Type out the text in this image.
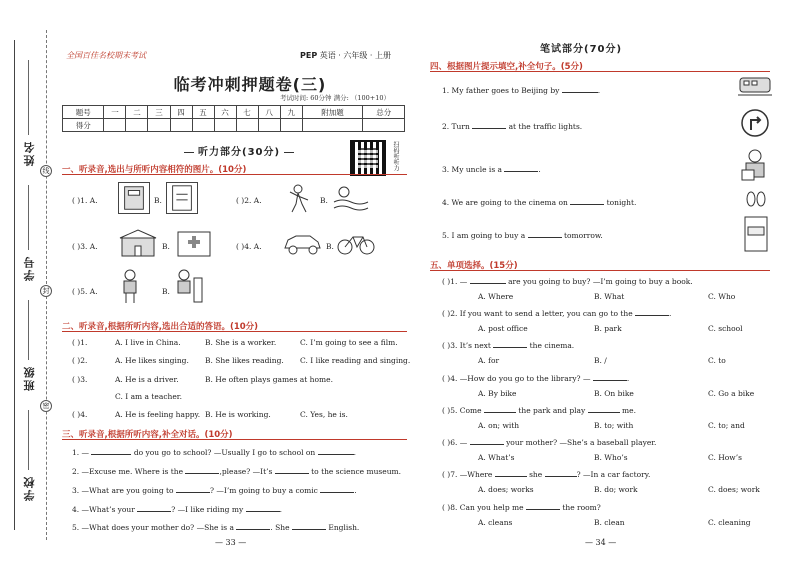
姓名
学号
班级
学校
线
封
密
全国百佳名校期末考试	PEP 英语 · 六年级 · 上册
临考冲刺押题卷(三)
考试时间: 60分钟 满分: （100+10）
题号	一	二	三	四	五	六	七	八	九	附加题	总分
得分											
扫码听听力
听力部分(30分)
一、听录音,选出与所听内容相符的图片。(10分)
( )1. A.	B.	( )2. A.	B.
( )3. A.	B.	( )4. A.	B.
( )5. A.	B.
二、听录音,根据所听内容,选出合适的答语。(10分)
( )1.	A. I live in China.	B. She is a worker.	C. I’m going to see a film.
( )2.	A. He likes singing. B. She likes reading. C. I like reading and singing.
( )3.	A. He is a driver.	B. He often plays games at home.
C. I am a teacher.
( )4.	A. He is feeling happy. B. He is working.	C. Yes, he is.
三、听录音,根据所听内容,补全对话。(10分)
1. —	do you go to school? —Usually I go to school on	.
2. —Excuse me. Where is the	,please? —It’s	to the science museum.
3. —What are you going to	? —I’m going to buy a comic	.
4. —What’s your	? —I like riding my	.
5. —What does your mother do? —She is a	. She	English.
— 33 —
笔试部分(70分)
四、根据图片提示填空,补全句子。(5分)
1. My father goes to Beijing by	.
2. Turn	at the traffic lights.
3. My uncle is a	.
4. We are going to the cinema on	tonight.
5. I am going to buy a	tomorrow.
五、单项选择。(15分)
( )1. —	are you going to buy? —I’m going to buy a book.
A. Where	B. What	C. Who
( )2. If you want to send a letter, you can go to the	.
A. post office	B. park	C. school
( )3. It’s next	the cinema.
A. for	B. /	C. to
( )4. —How do you go to the library? —	.
A. By bike	B. On bike	C. Go a bike
( )5. Come	the park and play	me.
A. on; with	B. to; with	C. to; and
( )6. —	your mother? —She’s a baseball player.
A. What’s	B. Who’s	C. How’s
( )7. —Where	she	? —In a car factory.
A. does; works	B. do; work	C. does; work
( )8. Can you help me	the room?
A. cleans	B. clean	C. cleaning
— 34 —
